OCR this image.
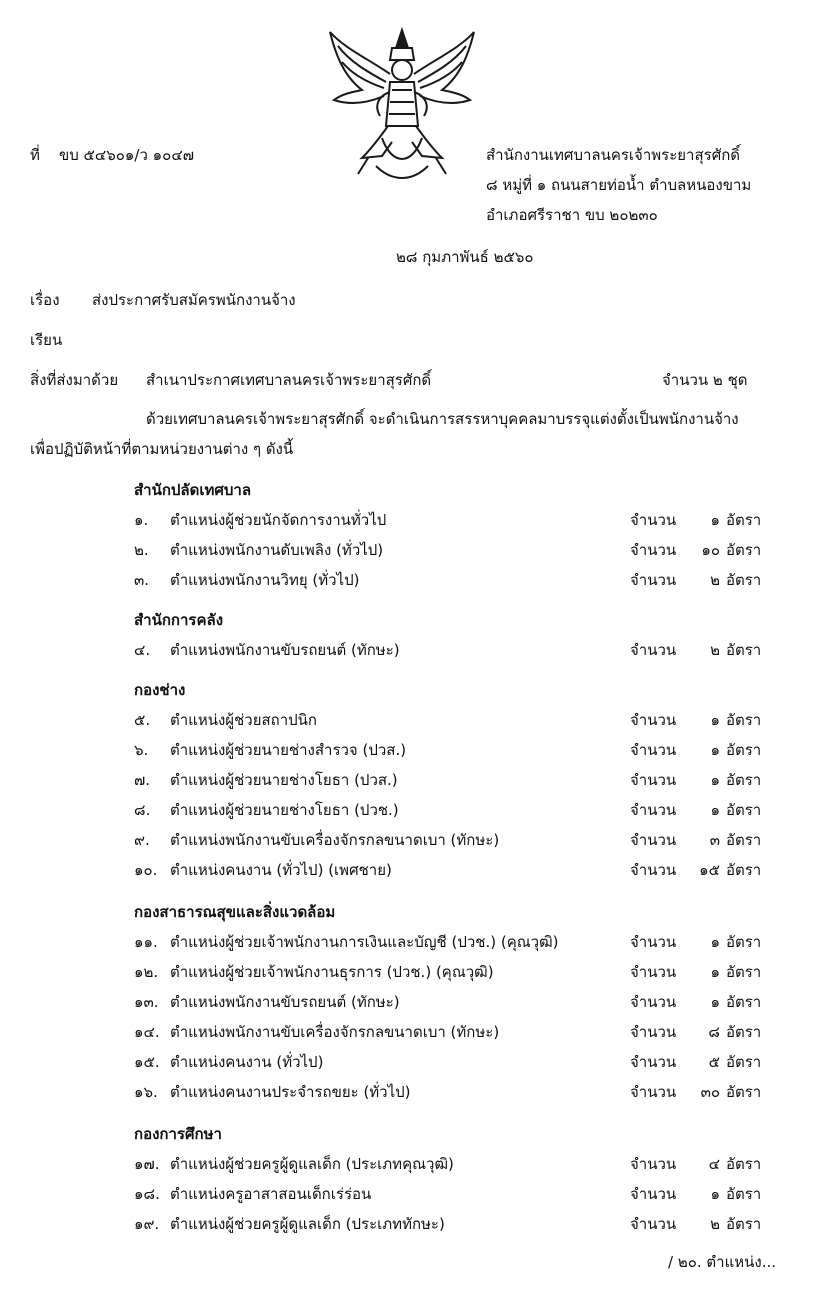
ที่ ขบ ๕๔๖๐๑/ว ๑๐๔๗	สำนักงานเทศบาลนครเจ้าพระยาสุรศักดิ์
๘ หมู่ที่ ๑ ถนนสายท่อน้ำ ตำบลหนองขาม
อำเภอศรีราชา ขบ ๒๐๒๓๐
๒๘ กุมภาพันธ์ ๒๕๖๐
เรื่อง ส่งประกาศรับสมัครพนักงานจ้าง
เรียน
สิ่งที่ส่งมาด้วย สำเนาประกาศเทศบาลนครเจ้าพระยาสุรศักดิ์	จำนวน ๒ ชุด
ด้วยเทศบาลนครเจ้าพระยาสุรศักดิ์ จะดำเนินการสรรหาบุคคลมาบรรจุแต่งตั้งเป็นพนักงานจ้าง
เพื่อปฏิบัติหน้าที่ตามหน่วยงานต่าง ๆ ดังนี้
สำนักปลัดเทศบาล
๑. ตำแหน่งผู้ช่วยนักจัดการงานทั่วไป	จำนวน ๑ อัตรา
๒. ตำแหน่งพนักงานดับเพลิง (ทั่วไป)	จำนวน ๑๐ อัตรา
๓. ตำแหน่งพนักงานวิทยุ (ทั่วไป)	จำนวน ๒ อัตรา
สำนักการคลัง
๔. ตำแหน่งพนักงานขับรถยนต์ (ทักษะ)	จำนวน ๒ อัตรา
กองช่าง
๕. ตำแหน่งผู้ช่วยสถาปนิก	จำนวน ๑ อัตรา
๖. ตำแหน่งผู้ช่วยนายช่างสำรวจ (ปวส.)	จำนวน ๑ อัตรา
๗. ตำแหน่งผู้ช่วยนายช่างโยธา (ปวส.)	จำนวน ๑ อัตรา
๘. ตำแหน่งผู้ช่วยนายช่างโยธา (ปวช.)	จำนวน ๑ อัตรา
๙. ตำแหน่งพนักงานขับเครื่องจักรกลขนาดเบา (ทักษะ)	จำนวน ๓ อัตรา
๑๐. ตำแหน่งคนงาน (ทั่วไป) (เพศชาย)	จำนวน ๑๕ อัตรา
กองสาธารณสุขและสิ่งแวดล้อม
๑๑. ตำแหน่งผู้ช่วยเจ้าพนักงานการเงินและบัญชี (ปวช.) (คุณวุฒิ)	จำนวน ๑ อัตรา
๑๒. ตำแหน่งผู้ช่วยเจ้าพนักงานธุรการ (ปวช.) (คุณวุฒิ)	จำนวน ๑ อัตรา
๑๓. ตำแหน่งพนักงานขับรถยนต์ (ทักษะ)	จำนวน ๑ อัตรา
๑๔. ตำแหน่งพนักงานขับเครื่องจักรกลขนาดเบา (ทักษะ)	จำนวน ๘ อัตรา
๑๕. ตำแหน่งคนงาน (ทั่วไป)	จำนวน ๕ อัตรา
๑๖. ตำแหน่งคนงานประจำรถขยะ (ทั่วไป)	จำนวน ๓๐ อัตรา
กองการศึกษา
๑๗. ตำแหน่งผู้ช่วยครูผู้ดูแลเด็ก (ประเภทคุณวุฒิ)	จำนวน ๔ อัตรา
๑๘. ตำแหน่งครูอาสาสอนเด็กเร่ร่อน	จำนวน ๑ อัตรา
๑๙. ตำแหน่งผู้ช่วยครูผู้ดูแลเด็ก (ประเภททักษะ)	จำนวน ๒ อัตรา
/ ๒๐. ตำแหน่ง...
